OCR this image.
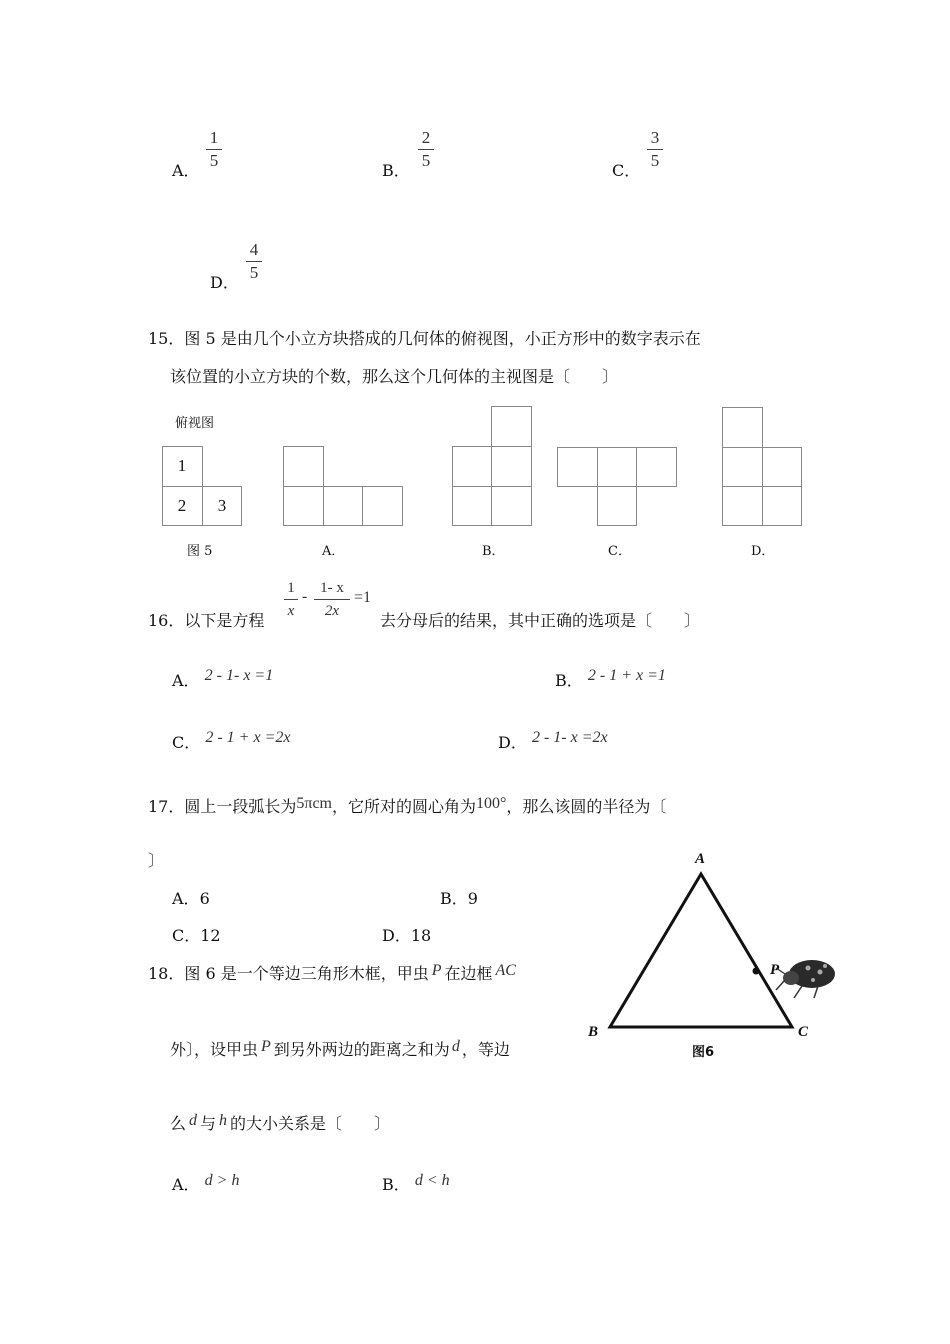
A．
1
5
B．
2
5
C．
3
5
D．
4
5
15．图 5 是由几个小立方块搭成的几何体的俯视图，小正方形中的数字表示在
该位置的小立方块的个数，那么这个几何体的主视图是〔　　〕
俯视图
1
2	3
图 5	A．	B．	C．	D．
16．以下是方程
1
x
- 1- x
2x
=1
去分母后的结果，其中正确的选项是〔　　〕
A． 2 - 1- x =1	B． 2 - 1 + x =1
C． 2 - 1 + x =2x	D． 2 - 1- x =2x
17．圆上一段弧长为5πcm，它所对的圆心角为100°，那么该圆的半径为〔
〕
A．6	B．9
C．12	D．18
18．图 6 是一个等边三角形木框，甲虫 P 在边框 AC
外〕，设甲虫 P 到另外两边的距离之和为 d ，等边
么 d 与 h 的大小关系是〔　　〕
A． d > h	B． d < h
A
B	C
P
图6
